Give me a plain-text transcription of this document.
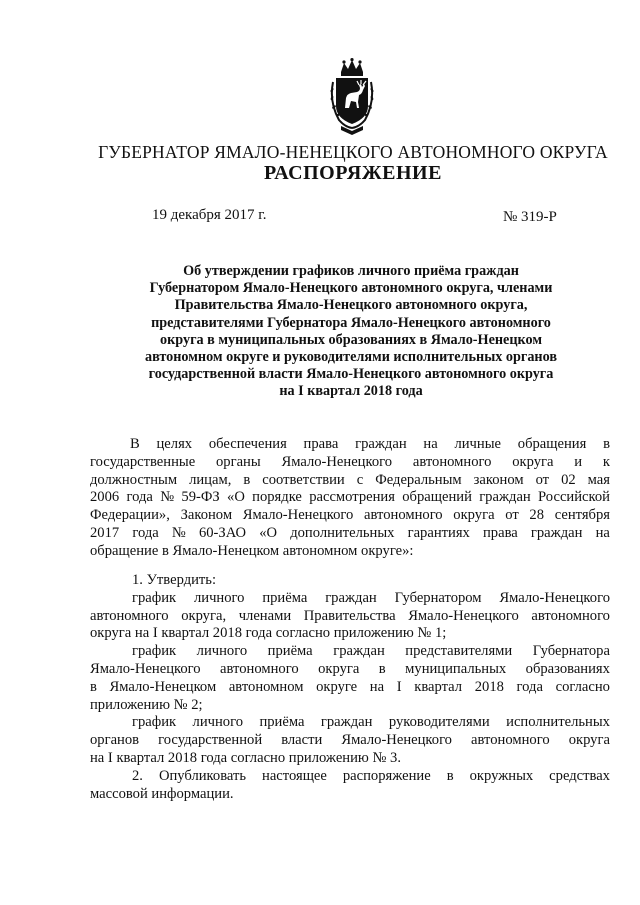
ГУБЕРНАТОР ЯМАЛО-НЕНЕЦКОГО АВТОНОМНОГО ОКРУГА
РАСПОРЯЖЕНИЕ
19 декабря 2017 г.	№ 319-Р
Об утверждении графиков личного приёма граждан
Губернатором Ямало-Ненецкого автономного округа, членами
Правительства Ямало-Ненецкого автономного округа,
представителями Губернатора Ямало-Ненецкого автономного
округа в муниципальных образованиях в Ямало-Ненецком
автономном округе и руководителями исполнительных органов
государственной власти Ямало-Ненецкого автономного округа
на I квартал 2018 года
В целях обеспечения права граждан на личные обращения в
государственные органы Ямало-Ненецкого автономного округа и к
должностным лицам, в соответствии с Федеральным законом от 02 мая
2006 года № 59-ФЗ «О порядке рассмотрения обращений граждан Российской
Федерации», Законом Ямало-Ненецкого автономного округа от 28 сентября
2017 года № 60-ЗАО «О дополнительных гарантиях права граждан на
обращение в Ямало-Ненецком автономном округе»:
1. Утвердить:
график личного приёма граждан Губернатором Ямало-Ненецкого
автономного округа, членами Правительства Ямало-Ненецкого автономного
округа на I квартал 2018 года согласно приложению № 1;
график личного приёма граждан представителями Губернатора
Ямало-Ненецкого автономного округа в муниципальных образованиях
в Ямало-Ненецком автономном округе на I квартал 2018 года согласно
приложению № 2;
график личного приёма граждан руководителями исполнительных
органов государственной власти Ямало-Ненецкого автономного округа
на I квартал 2018 года согласно приложению № 3.
2. Опубликовать настоящее распоряжение в окружных средствах
массовой информации.
